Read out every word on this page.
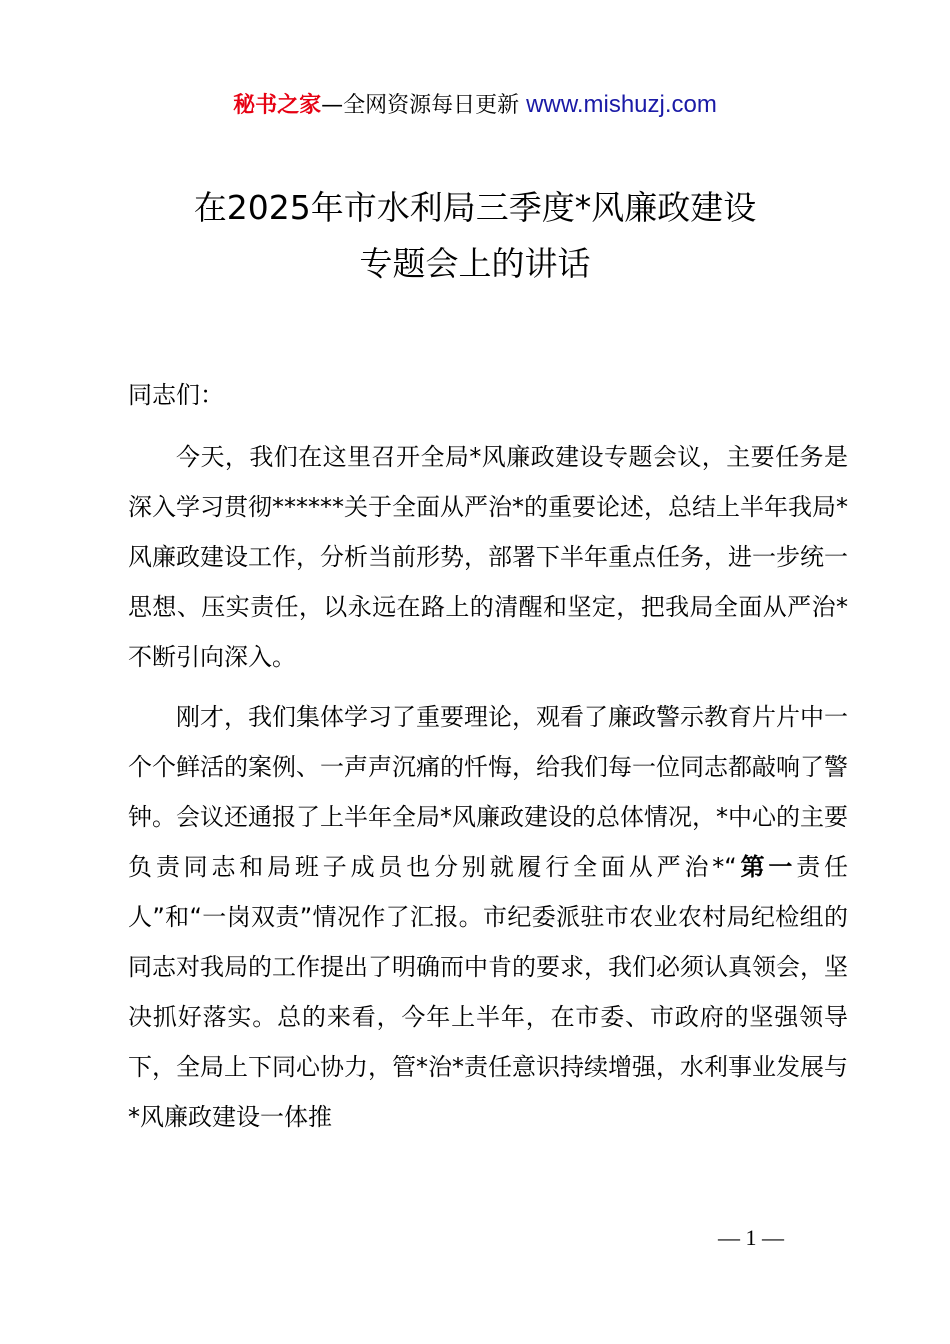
秘书之家—全网资源每日更新 www.mishuzj.com
在2025年市水利局三季度*风廉政建设
专题会上的讲话

同志们：

今天，我们在这里召开全局*风廉政建设专题会议，主要任务是深入学习贯彻******关于全面从严治*的重要论述，总结上半年我局*风廉政建设工作，分析当前形势，部署下半年重点任务，进一步统一思想、压实责任，以永远在路上的清醒和坚定，把我局全面从严治*不断引向深入。

刚才，我们集体学习了重要理论，观看了廉政警示教育片片中一个个鲜活的案例、一声声沉痛的忏悔，给我们每一位同志都敲响了警钟。会议还通报了上半年全局*风廉政建设的总体情况，*中心的主要负责同志和局班子成员也分别就履行全面从严治*“第一责任人”和“一岗双责”情况作了汇报。市纪委派驻市农业农村局纪检组的同志对我局的工作提出了明确而中肯的要求，我们必须认真领会，坚决抓好落实。总的来看，今年上半年，在市委、市政府的坚强领导下，全局上下同心协力，管*治*责任意识持续增强，水利事业发展与*风廉政建设一体推

— 1 —
